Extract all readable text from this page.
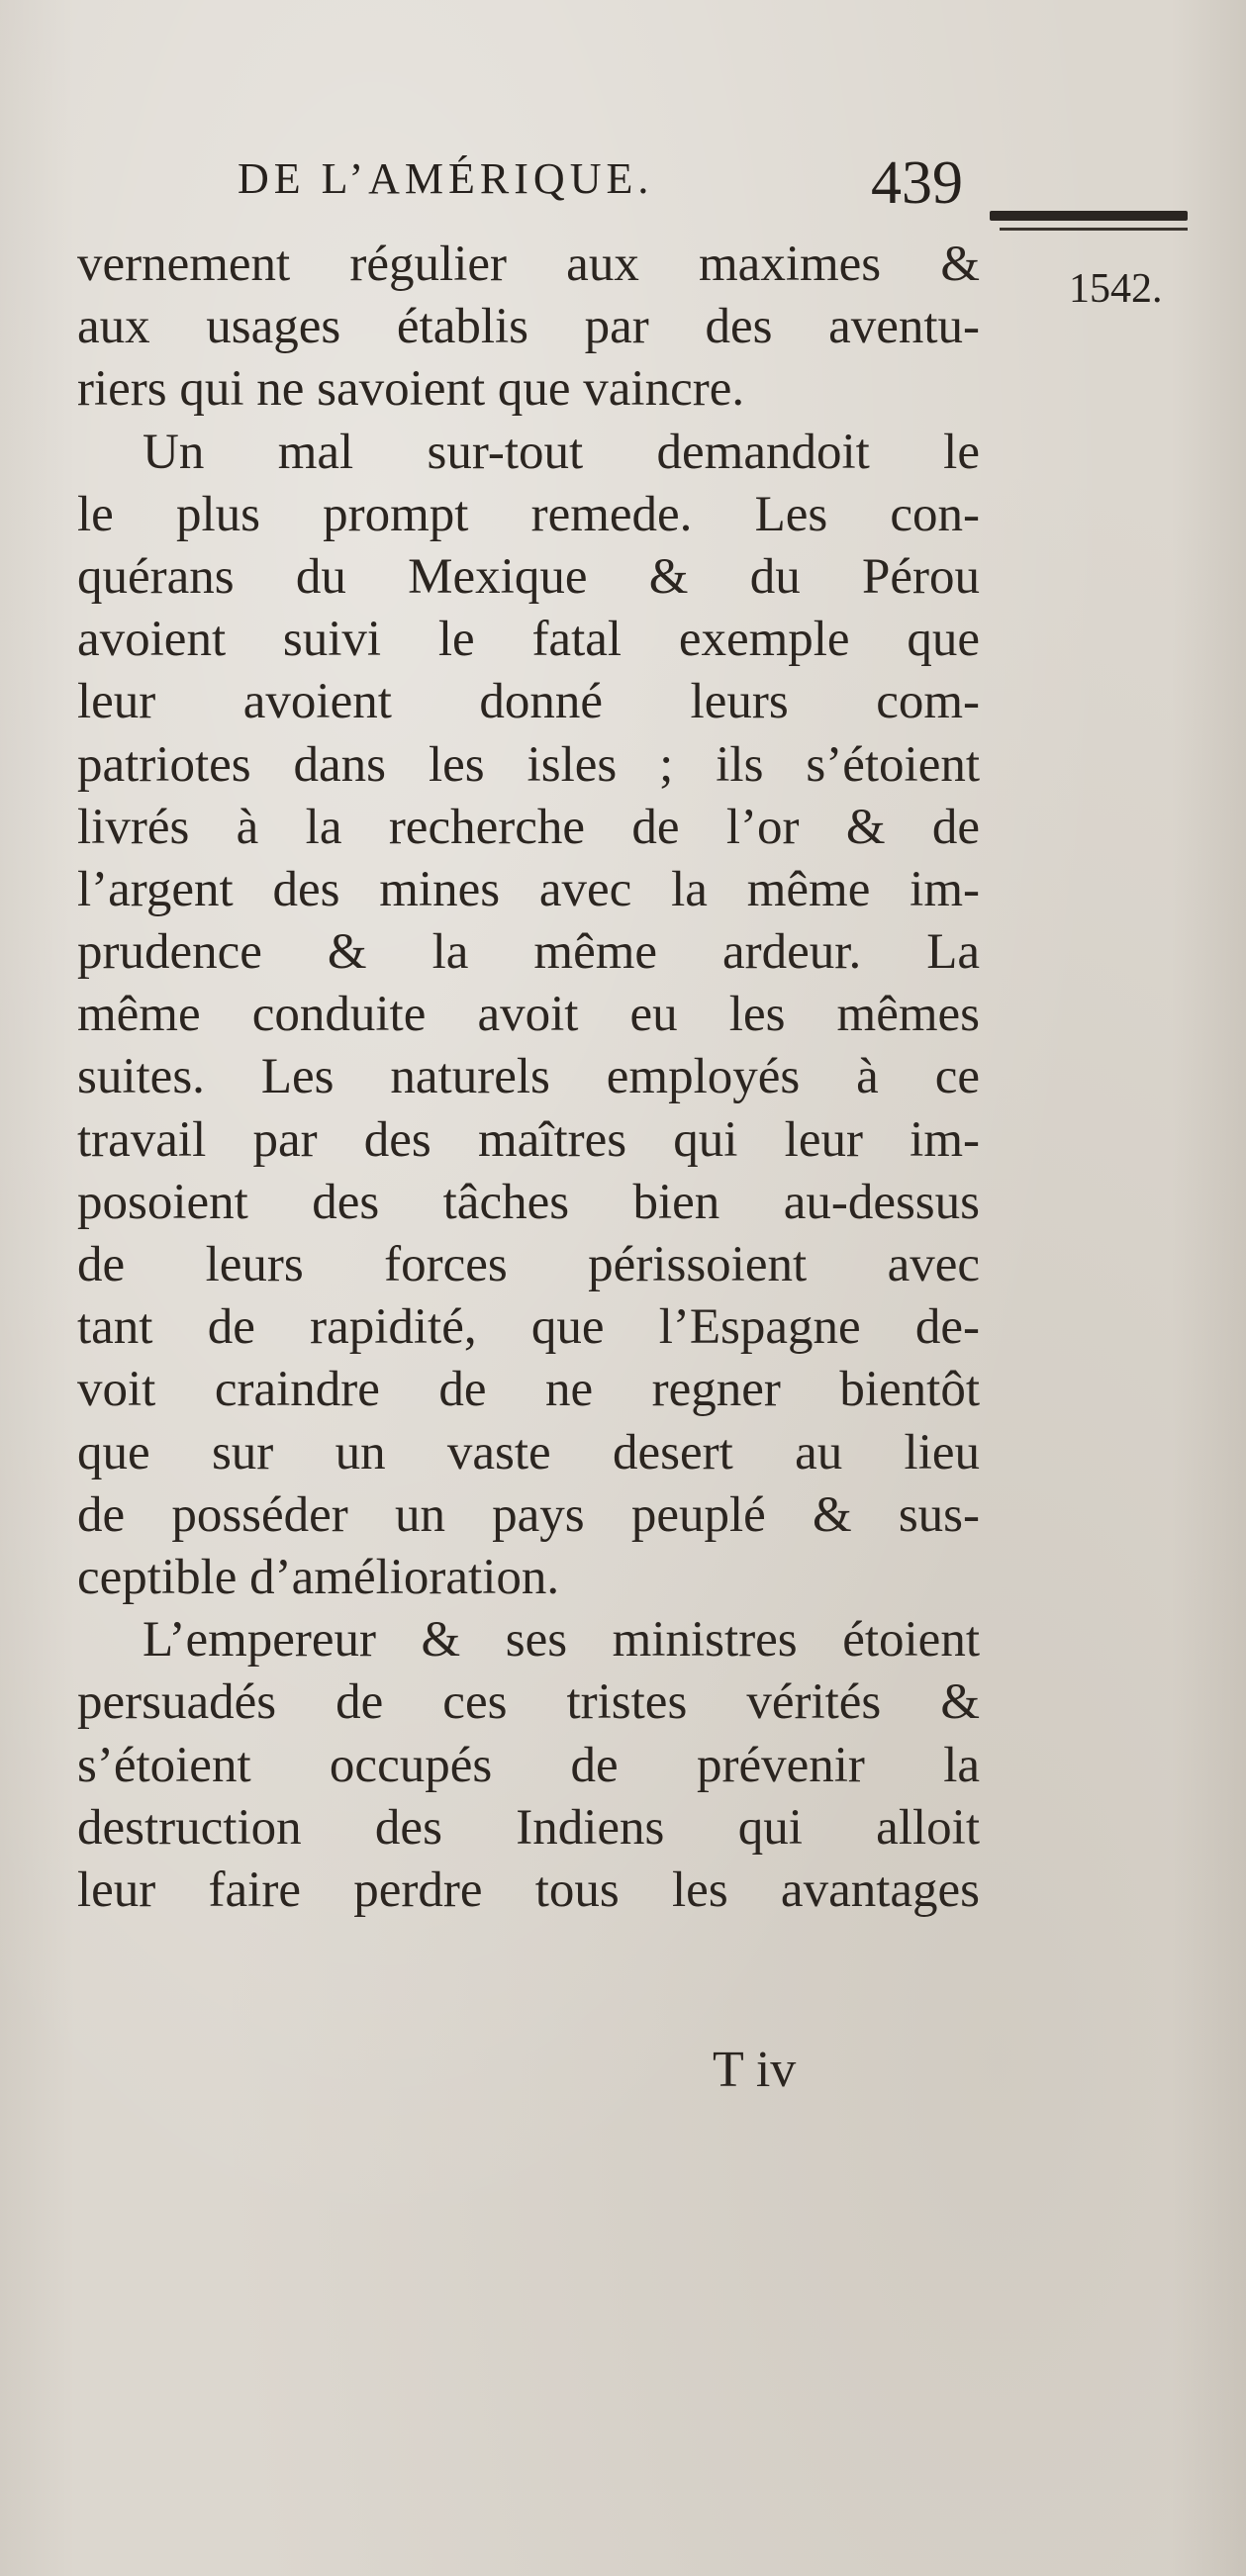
DE L’AMÉRIQUE.	439
1542.
vernement régulier aux maximes &
aux usages établis par des aventu-
riers qui ne savoient que vaincre.
Un mal sur-tout demandoit le
le plus prompt remede. Les con-
quérans du Mexique & du Pérou
avoient suivi le fatal exemple que
leur avoient donné leurs com-
patriotes dans les isles ; ils s’étoient
livrés à la recherche de l’or & de
l’argent des mines avec la même im-
prudence & la même ardeur. La
même conduite avoit eu les mêmes
suites. Les naturels employés à ce
travail par des maîtres qui leur im-
posoient des tâches bien au-dessus
de leurs forces périssoient avec
tant de rapidité, que l’Espagne de-
voit craindre de ne regner bientôt
que sur un vaste desert au lieu
de posséder un pays peuplé & sus-
ceptible d’amélioration.
L’empereur & ses ministres étoient
persuadés de ces tristes vérités &
s’étoient occupés de prévenir la
destruction des Indiens qui alloit
leur faire perdre tous les avantages
T iv
